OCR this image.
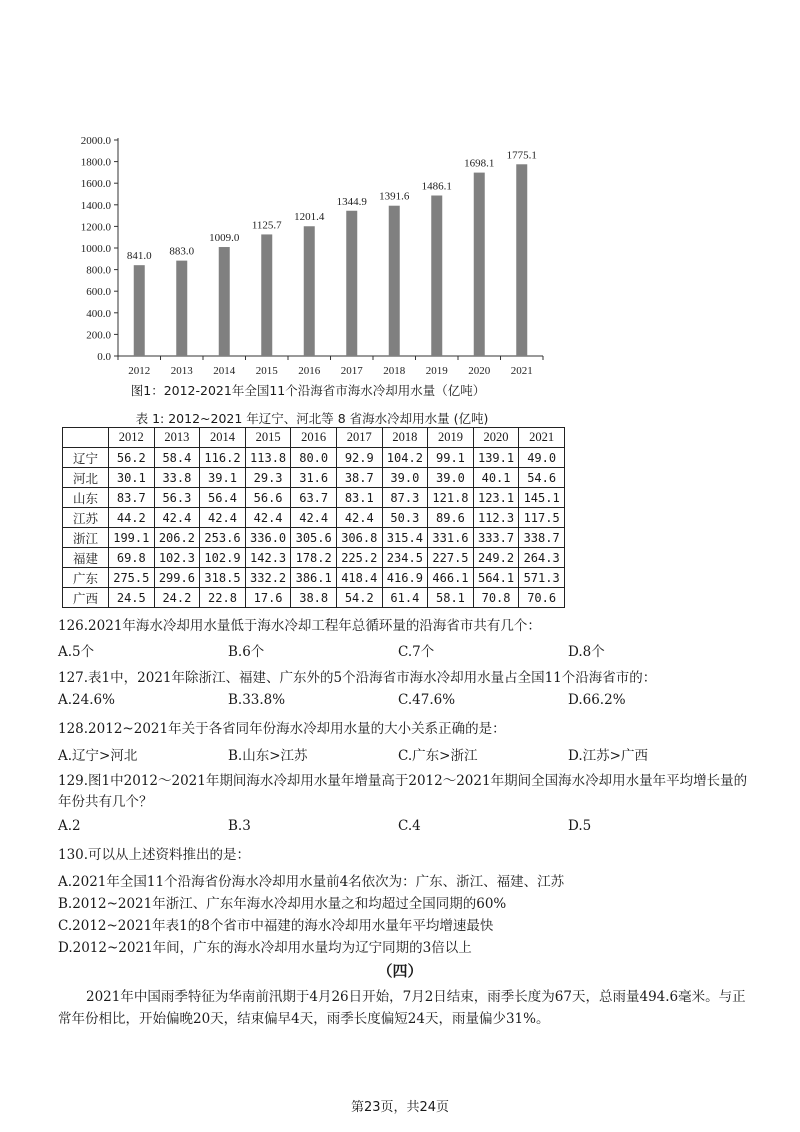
0.0
200.0
400.0
600.0
800.0
1000.0
1200.0
1400.0
1600.0
1800.0
2000.0
2012 2013 2014 2015 2016 2017 2018 2019 2020 2021
841.0 883.0
1009.0
1125.7
1201.4
1344.9 1391.6
1486.1
1698.1
1775.1
图1：2012-2021年全国11个沿海省市海水冷却用水量（亿吨）
表 1: 2012~2021 年辽宁、河北等 8 省海水冷却用水量 (亿吨)
	2012	2013	2014	2015	2016	2017	2018	2019	2020	2021
辽宁	56.2	58.4	116.2	113.8	80.0	92.9	104.2	99.1	139.1	49.0
河北	30.1	33.8	39.1	29.3	31.6	38.7	39.0	39.0	40.1	54.6
山东	83.7	56.3	56.4	56.6	63.7	83.1	87.3	121.8	123.1	145.1
江苏	44.2	42.4	42.4	42.4	42.4	42.4	50.3	89.6	112.3	117.5
浙江	199.1	206.2	253.6	336.0	305.6	306.8	315.4	331.6	333.7	338.7
福建	69.8	102.3	102.9	142.3	178.2	225.2	234.5	227.5	249.2	264.3
广东	275.5	299.6	318.5	332.2	386.1	418.4	416.9	466.1	564.1	571.3
广西	24.5	24.2	22.8	17.6	38.8	54.2	61.4	58.1	70.8	70.6
126.2021年海水冷却用水量低于海水冷却工程年总循环量的沿海省市共有几个：
A.5个	B.6个	C.7个	D.8个
127.表1中，2021年除浙江、福建、广东外的5个沿海省市海水冷却用水量占全国11个沿海省市的：
A.24.6%	B.33.8%	C.47.6%	D.66.2%
128.2012~2021年关于各省同年份海水冷却用水量的大小关系正确的是：
A.辽宁>河北	B.山东>江苏	C.广东>浙江	D.江苏>广西
129.图1中2012～2021年期间海水冷却用水量年增量高于2012～2021年期间全国海水冷却用水量年平均增长量的年份共有几个？
A.2	B.3	C.4	D.5
130.可以从上述资料推出的是：
A.2021年全国11个沿海省份海水冷却用水量前4名依次为：广东、浙江、福建、江苏
B.2012~2021年浙江、广东年海水冷却用水量之和均超过全国同期的60%
C.2012~2021年表1的8个省市中福建的海水冷却用水量年平均增速最快
D.2012~2021年间，广东的海水冷却用水量均为辽宁同期的3倍以上
（四）
2021年中国雨季特征为华南前汛期于4月26日开始，7月2日结束，雨季长度为67天，总雨量494.6毫米。与正常年份相比，开始偏晚20天，结束偏早4天，雨季长度偏短24天，雨量偏少31%。
第23页，共24页
